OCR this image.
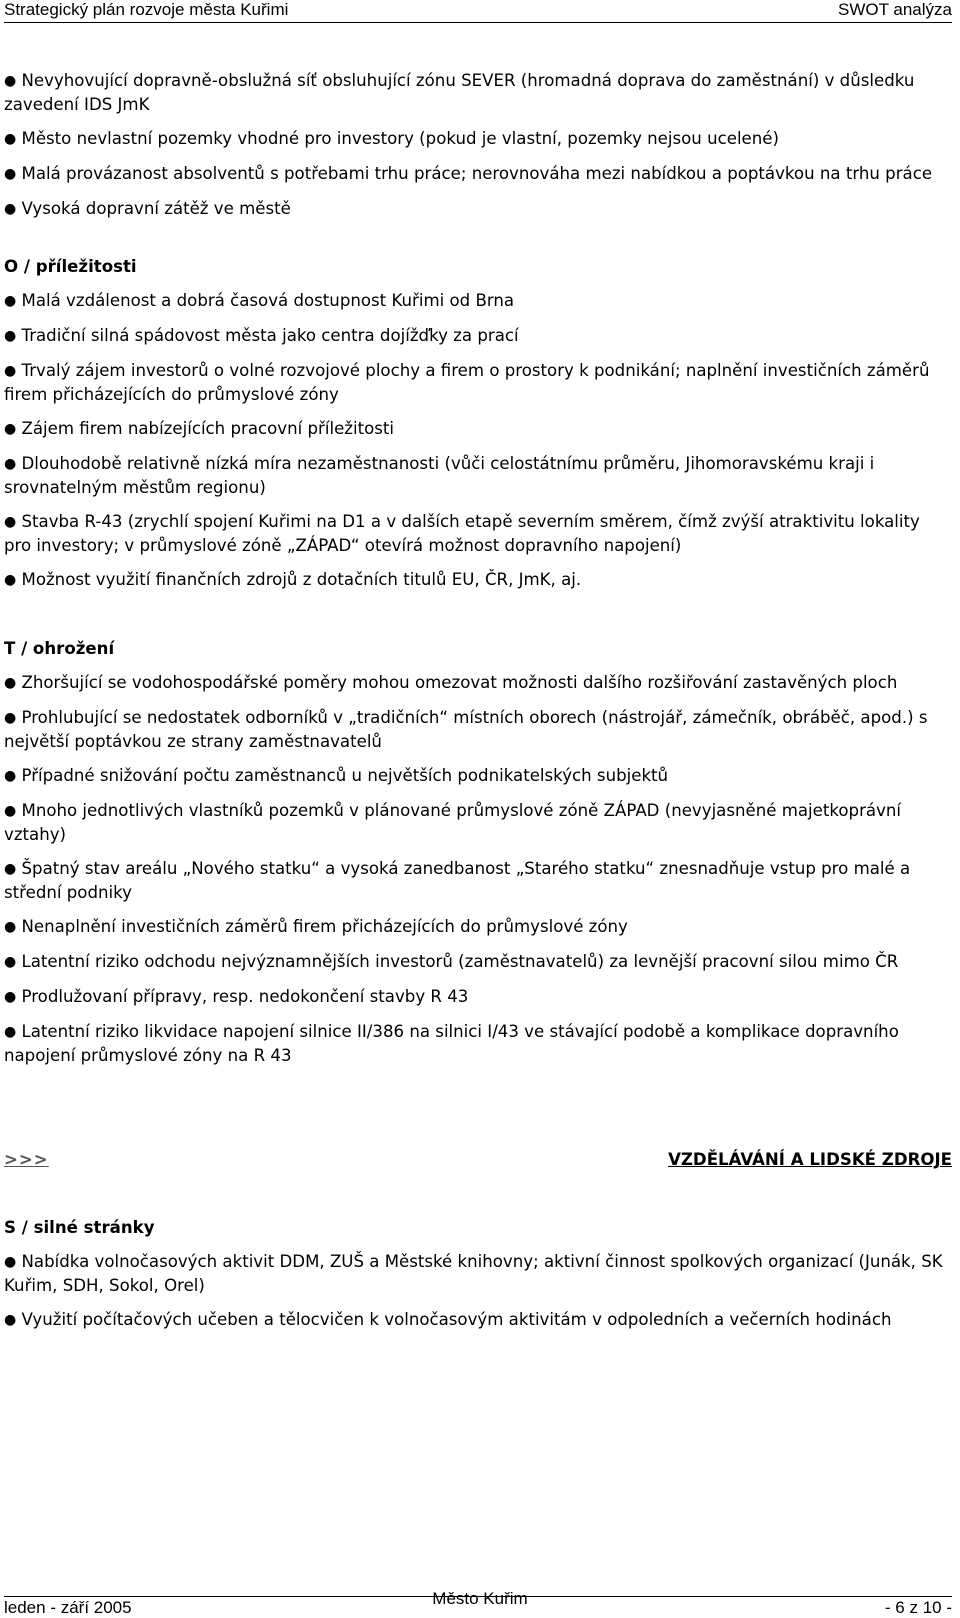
Strategický plán rozvoje města Kuřimi	SWOT analýza

● Nevyhovující dopravně-obslužná síť obsluhující zónu SEVER (hromadná doprava do zaměstnání) v důsledku zavedení IDS JmK

● Město nevlastní pozemky vhodné pro investory (pokud je vlastní, pozemky nejsou ucelené)

● Malá provázanost absolventů s potřebami trhu práce; nerovnováha mezi nabídkou a poptávkou na trhu práce

● Vysoká dopravní zátěž ve městě

O / příležitosti

● Malá vzdálenost a dobrá časová dostupnost Kuřimi od Brna

● Tradiční silná spádovost města jako centra dojížďky za prací

● Trvalý zájem investorů o volné rozvojové plochy a firem o prostory k podnikání; naplnění investičních záměrů firem přicházejících do průmyslové zóny

● Zájem firem nabízejících pracovní příležitosti

● Dlouhodobě relativně nízká míra nezaměstnanosti (vůči celostátnímu průměru, Jihomoravskému kraji i srovnatelným městům regionu)

● Stavba R-43 (zrychlí spojení Kuřimi na D1 a v dalších etapě severním směrem, čímž zvýší atraktivitu lokality pro investory; v průmyslové zóně „ZÁPAD“ otevírá možnost dopravního napojení)

● Možnost využití finančních zdrojů z dotačních titulů EU, ČR, JmK, aj.

T / ohrožení

● Zhoršující se vodohospodářské poměry mohou omezovat možnosti dalšího rozšiřování zastavěných ploch

● Prohlubující se nedostatek odborníků v „tradičních“ místních oborech (nástrojář, zámečník, obráběč, apod.) s největší poptávkou ze strany zaměstnavatelů

● Případné snižování počtu zaměstnanců u největších podnikatelských subjektů

● Mnoho jednotlivých vlastníků pozemků v plánované průmyslové zóně ZÁPAD (nevyjasněné majetkoprávní vztahy)

● Špatný stav areálu „Nového statku“ a vysoká zanedbanost „Starého statku“ znesnadňuje vstup pro malé a střední podniky

● Nenaplnění investičních záměrů firem přicházejících do průmyslové zóny

● Latentní riziko odchodu nejvýznamnějších investorů (zaměstnavatelů) za levnější pracovní silou mimo ČR

● Prodlužovaní přípravy, resp. nedokončení stavby R 43

● Latentní riziko likvidace napojení silnice II/386 na silnici I/43 ve stávající podobě a komplikace dopravního napojení průmyslové zóny na R 43

>>>	VZDĚLÁVÁNÍ A LIDSKÉ ZDROJE

S / silné stránky

● Nabídka volnočasových aktivit DDM, ZUŠ a Městské knihovny; aktivní činnost spolkových organizací (Junák, SK Kuřim, SDH, Sokol, Orel)

● Využití počítačových učeben a tělocvičen k volnočasovým aktivitám v odpoledních a večerních hodinách

Město Kuřim
leden - září 2005	- 6 z 10 -
